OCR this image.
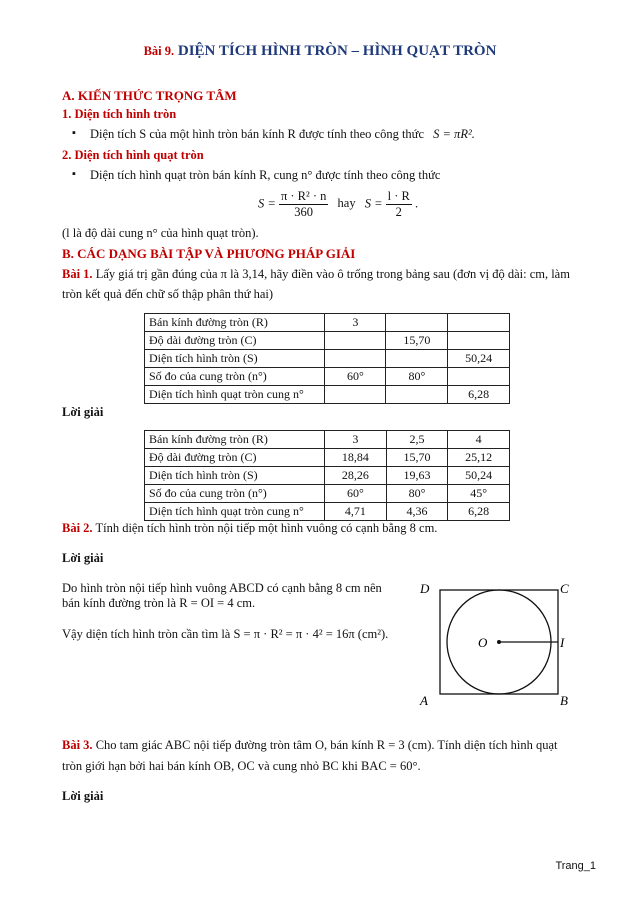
Bài 9. DIỆN TÍCH HÌNH TRÒN – HÌNH QUẠT TRÒN
A. KIẾN THỨC TRỌNG TÂM
1. Diện tích hình tròn
▪ Diện tích S của một hình tròn bán kính R được tính theo công thức S = πR².
2. Diện tích hình quạt tròn
▪ Diện tích hình quạt tròn bán kính R, cung n° được tính theo công thức
$S = \frac{\text{π · R² · n}}{360}$ hay $S = \frac{l \cdot R}{2}$ .
(l là độ dài cung n° của hình quạt tròn).
B. CÁC DẠNG BÀI TẬP VÀ PHƯƠNG PHÁP GIẢI
Bài 1. Lấy giá trị gần đúng của π là 3,14, hãy điền vào ô trống trong bảng sau (đơn vị độ dài: cm, làm
tròn kết quả đến chữ số thập phân thứ hai)
Bán kính đường tròn (R)	3		
Độ dài đường tròn (C)		15,70	
Diện tích hình tròn (S)			50,24
Số đo của cung tròn (n°)	60°	80°	
Diện tích hình quạt tròn cung n°			6,28
Lời giải
Bán kính đường tròn (R)	3	2,5	4
Độ dài đường tròn (C)	18,84	15,70	25,12
Diện tích hình tròn (S)	28,26	19,63	50,24
Số đo của cung tròn (n°)	60°	80°	45°
Diện tích hình quạt tròn cung n°	4,71	4,36	6,28
Bài 2. Tính diện tích hình tròn nội tiếp một hình vuông có cạnh bằng 8 cm.
Lời giải
Do hình tròn nội tiếp hình vuông ABCD có cạnh bằng 8 cm nên
bán kính đường tròn là R = OI = 4 cm.
Vậy diện tích hình tròn cần tìm là S = π · R² = π · 4² = 16π (cm²).
D	C
O	I
A	B
Bài 3. Cho tam giác ABC nội tiếp đường tròn tâm O, bán kính R = 3 (cm). Tính diện tích hình quạt
tròn giới hạn bởi hai bán kính OB, OC và cung nhỏ BC khi BAC = 60°.
Lời giải
Trang_1
